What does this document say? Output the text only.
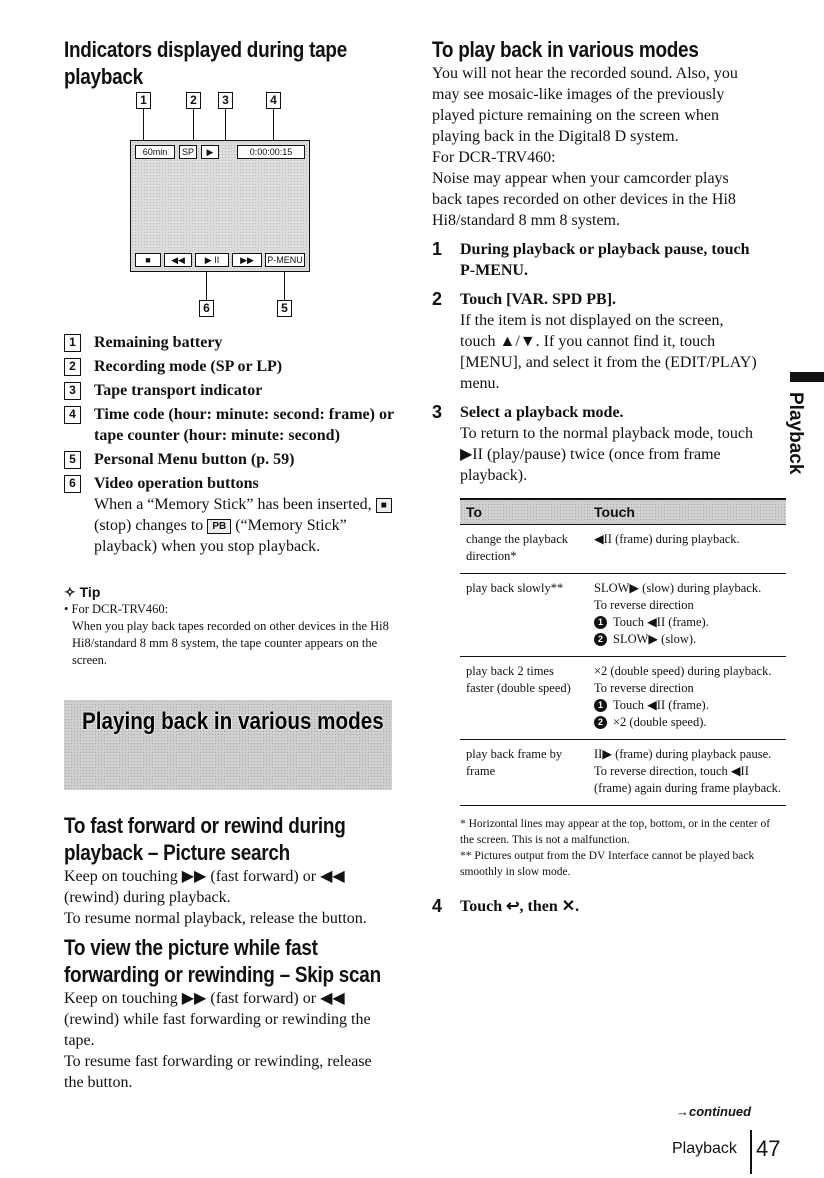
Indicators displayed during tape
playback
1	2	3	4
60min	SP	▶	0:00:00:15
■	◀◀	▶ II	▶▶	P-MENU
6	5
1	Remaining battery
2	Recording mode (SP or LP)
3	Tape transport indicator
4	Time code (hour: minute: second: frame) or tape counter (hour: minute: second)
5	Personal Menu button (p. 59)
6	Video operation buttons
When a “Memory Stick” has been inserted, ■ (stop) changes to PB (“Memory Stick” playback) when you stop playback.
✧ Tip
• For DCR-TRV460:
When you play back tapes recorded on other devices in the Hi8 Hi8/standard 8 mm 8 system, the tape counter appears on the screen.
Playing back in various modes
To fast forward or rewind during
playback – Picture search

Keep on touching ▶▶ (fast forward) or ◀◀ (rewind) during playback.

To resume normal playback, release the button.

To view the picture while fast
forwarding or rewinding – Skip scan

Keep on touching ▶▶ (fast forward) or ◀◀ (rewind) while fast forwarding or rewinding the tape.

To resume fast forwarding or rewinding, release the button.

To play back in various modes

You will not hear the recorded sound. Also, you may see mosaic-like images of the previously played picture remaining on the screen when playing back in the Digital8 D system.

For DCR-TRV460:

Noise may appear when your camcorder plays back tapes recorded on other devices in the Hi8 Hi8/standard 8 mm 8 system.

1 During playback or playback pause, touch P-MENU.
2 Touch [VAR. SPD PB].
If the item is not displayed on the screen, touch ▲/▼. If you cannot find it, touch [MENU], and select it from the (EDIT/PLAY) menu.
3 Select a playback mode.
To return to the normal playback mode, touch ▶II (play/pause) twice (once from frame playback).
To	Touch
change the playback direction*	◀II (frame) during playback.
play back slowly**	SLOW▶ (slow) during playback.
To reverse direction
1 Touch ◀II (frame).
2 SLOW▶ (slow).

play back 2 times faster (double speed)	×2 (double speed) during playback.
To reverse direction
1 Touch ◀II (frame).
2 ×2 (double speed).

play back frame by frame	II▶ (frame) during playback pause.
To reverse direction, touch ◀II (frame) again during frame playback.
* Horizontal lines may appear at the top, bottom, or in the center of the screen. This is not a malfunction.
** Pictures output from the DV Interface cannot be played back smoothly in slow mode.
4 Touch ↩, then ✕.
Playback
→continued
Playback 47
